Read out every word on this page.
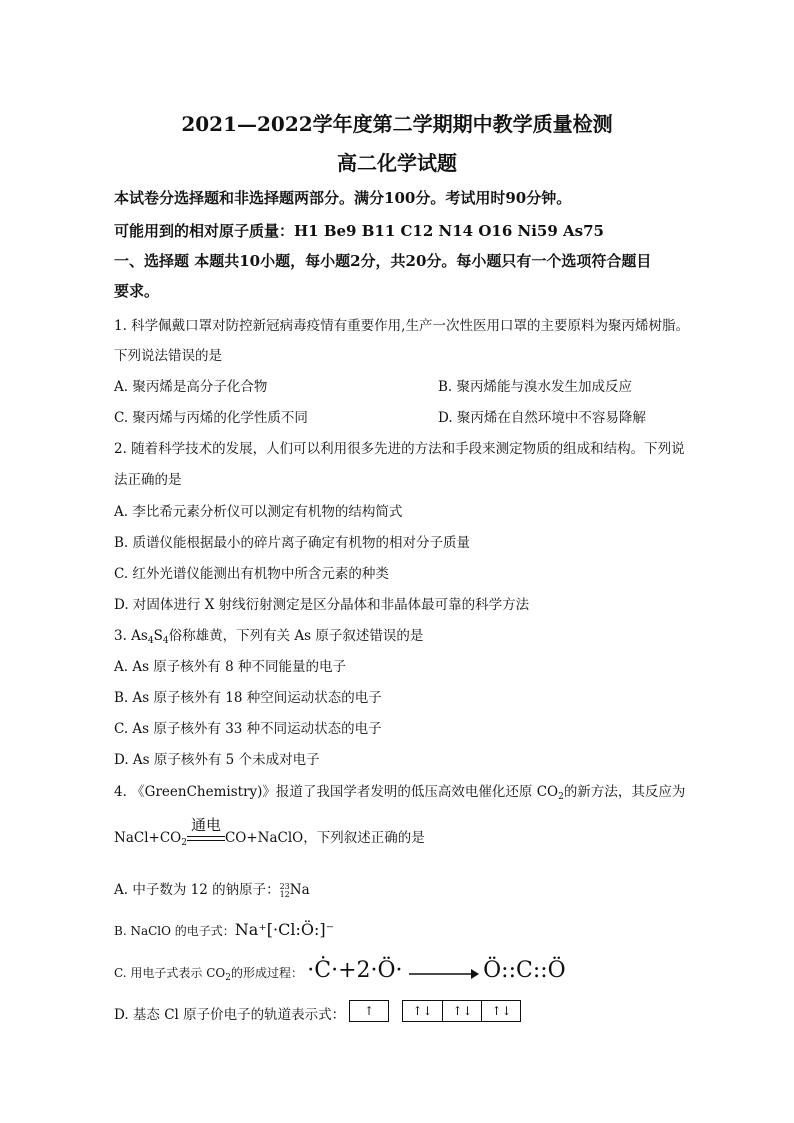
2021—2022学年度第二学期期中教学质量检测
高二化学试题
本试卷分选择题和非选择题两部分。满分100分。考试用时90分钟。
可能用到的相对原子质量：H1 Be9 B11 C12 N14 O16 Ni59 As75
一、选择题 本题共10小题，每小题2分，共20分。每小题只有一个选项符合题目
要求。
1. 科学佩戴口罩对防控新冠病毒疫情有重要作用,生产一次性医用口罩的主要原料为聚丙烯树脂。
下列说法错误的是
A. 聚丙烯是高分子化合物	B. 聚丙烯能与溴水发生加成反应
C. 聚丙烯与丙烯的化学性质不同	D. 聚丙烯在自然环境中不容易降解
2. 随着科学技术的发展，人们可以利用很多先进的方法和手段来测定物质的组成和结构。下列说
法正确的是
A. 李比希元素分析仪可以测定有机物的结构简式
B. 质谱仪能根据最小的碎片离子确定有机物的相对分子质量
C. 红外光谱仪能测出有机物中所含元素的种类
D. 对固体进行 X 射线衍射测定是区分晶体和非晶体最可靠的科学方法
3. $As_4S_4$俗称雄黄，下列有关 As 原子叙述错误的是
A. As 原子核外有 8 种不同能量的电子
B. As 原子核外有 18 种空间运动状态的电子
C. As 原子核外有 33 种不同运动状态的电子
D. As 原子核外有 5 个未成对电子
4. 《GreenChemistry)》报道了我国学者发明的低压高效电催化还原 $CO_2$的新方法，其反应为
$NaCl+CO_2$
通电
CO+NaClO，下列叙述正确的是
A. 中子数为 12 的钠原子：23
12Na
B. NaClO 的电子式：Na⁺[·Cl:Ö:]⁻
C. 用电子式表示 $CO_2$的形成过程： ·Ċ·+2·Ö·	Ö::C::Ö
D. 基态 Cl 原子价电子的轨道表示式：	↑	↑↓	↑↓	↑↓
